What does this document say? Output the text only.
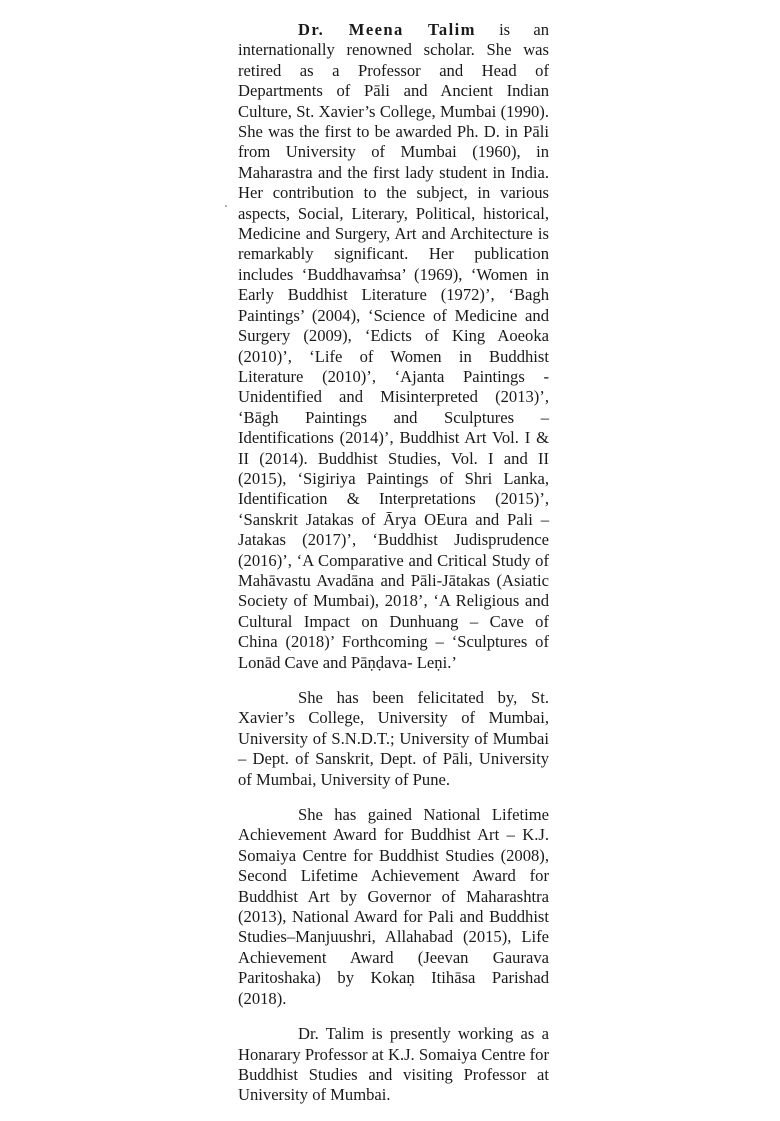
Dr. Meena Talim is an internationally renowned scholar. She was retired as a Professor and Head of Departments of Pāli and Ancient Indian Culture, St. Xavier’s College, Mumbai (1990). She was the first to be awarded Ph. D. in Pāli from University of Mumbai (1960), in Maharastra and the first lady student in India. Her contribution to the subject, in various aspects, Social, Literary, Political, historical, Medicine and Surgery, Art and Architecture is remarkably significant. Her publication includes ‘Buddhavaṁsa’ (1969), ‘Women in Early Buddhist Literature (1972)’, ‘Bagh Paintings’ (2004), ‘Science of Medicine and Surgery (2009), ‘Edicts of King Aoeoka (2010)’, ‘Life of Women in Buddhist Literature (2010)’, ‘Ajanta Paintings - Unidentified and Misinterpreted (2013)’, ‘Bāgh Paintings and Sculptures –Identifications (2014)’, Buddhist Art Vol. I & II (2014). Buddhist Studies, Vol. I and II (2015), ‘Sigiriya Paintings of Shri Lanka, Identification & Interpretations (2015)’, ‘Sanskrit Jatakas of Ārya OEura and Pali – Jatakas (2017)’, ‘Buddhist Judisprudence (2016)’, ‘A Comparative and Critical Study of Mahāvastu Avadāna and Pāli-Jātakas (Asiatic Society of Mumbai), 2018’, ‘A Religious and Cultural Impact on Dunhuang – Cave of China (2018)’ Forthcoming – ‘Sculptures of Lonād Cave and Pāṇḍava- Leṇi.’

She has been felicitated by, St. Xavier’s College, University of Mumbai, University of S.N.D.T.; University of Mumbai – Dept. of Sanskrit, Dept. of Pāli, University of Mumbai, University of Pune.

She has gained National Lifetime Achievement Award for Buddhist Art – K.J. Somaiya Centre for Buddhist Studies (2008), Second Lifetime Achievement Award for Buddhist Art by Governor of Maharashtra (2013), National Award for Pali and Buddhist Studies–Manjuushri, Allahabad (2015), Life Achievement Award (Jeevan Gaurava Paritoshaka) by Kokaṇ Itihāsa Parishad (2018).

Dr. Talim is presently working as a Honarary Professor at K.J. Somaiya Centre for Buddhist Studies and visiting Professor at University of Mumbai.
